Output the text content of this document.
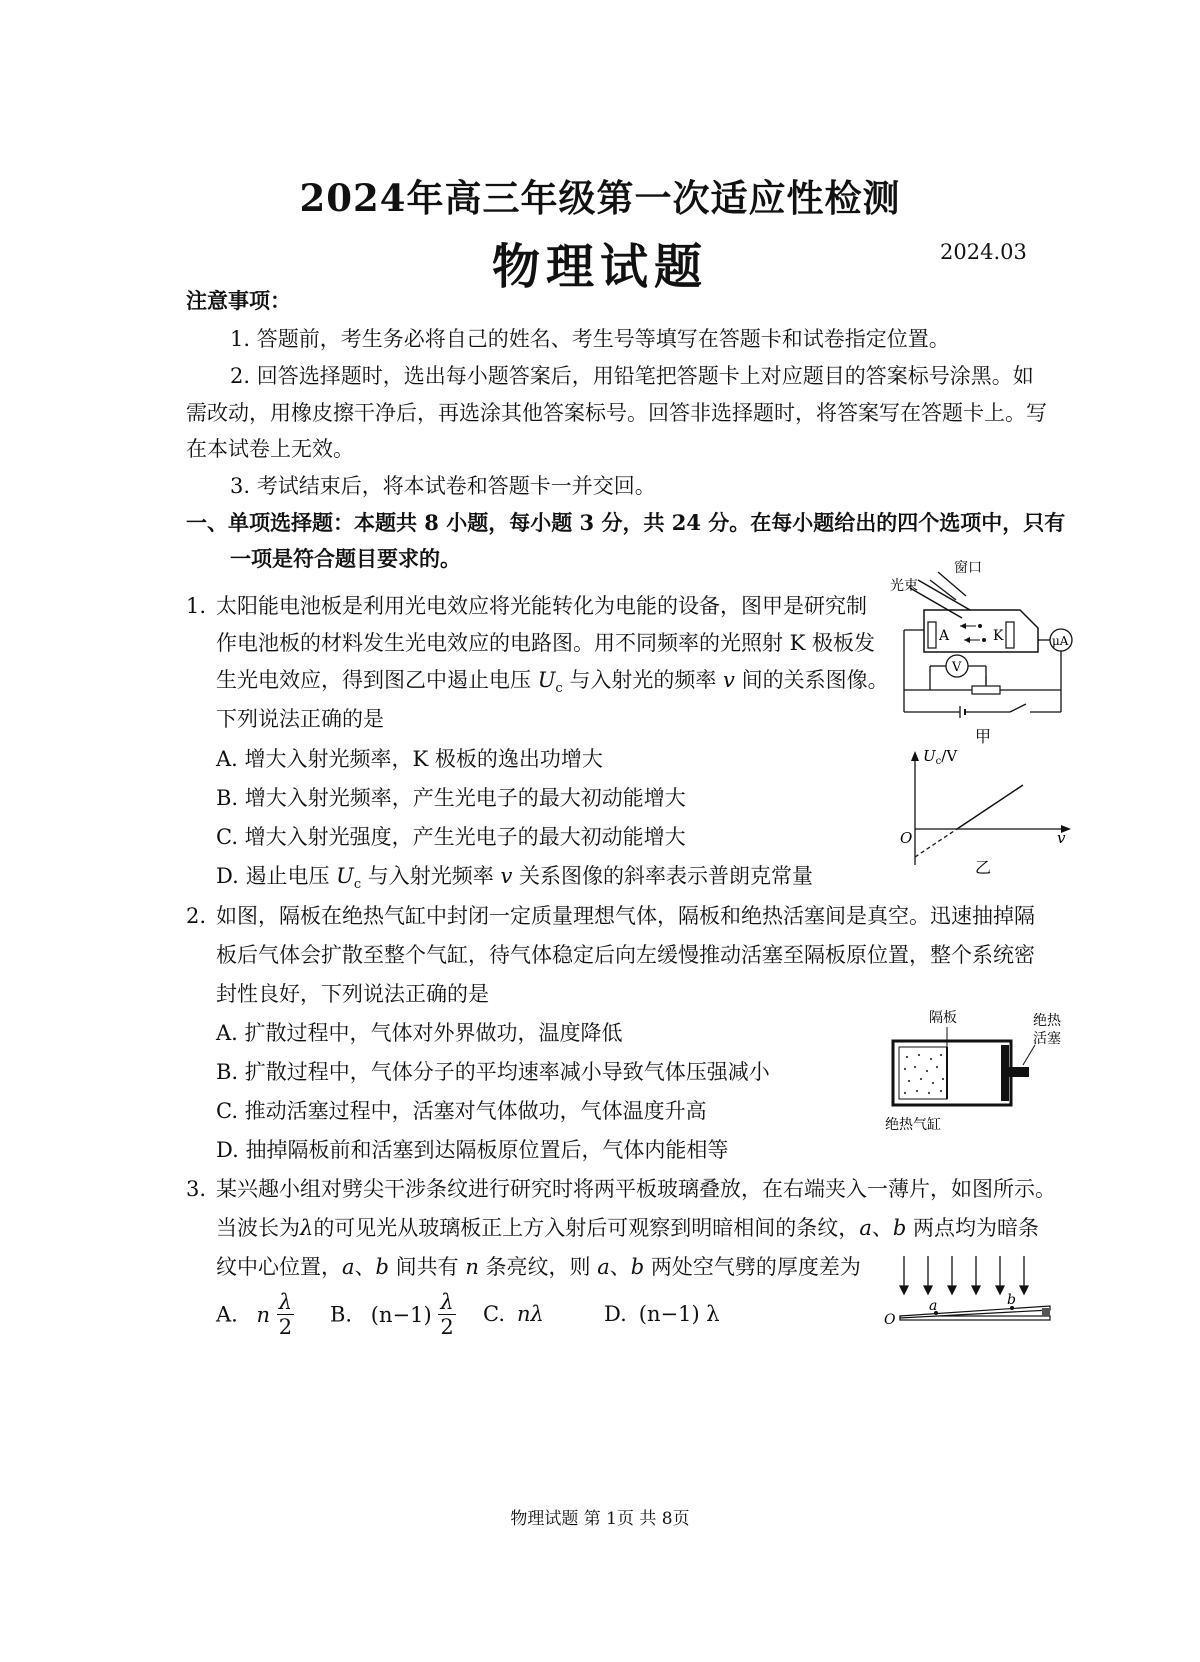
2024年高三年级第一次适应性检测
物理试题	2024.03
注意事项：
1. 答题前，考生务必将自己的姓名、考生号等填写在答题卡和试卷指定位置。
2. 回答选择题时，选出每小题答案后，用铅笔把答题卡上对应题目的答案标号涂黑。如
需改动，用橡皮擦干净后，再选涂其他答案标号。回答非选择题时，将答案写在答题卡上。写
在本试卷上无效。
3. 考试结束后，将本试卷和答题卡一并交回。
一、单项选择题：本题共 8 小题，每小题 3 分，共 24 分。在每小题给出的四个选项中，只有
一项是符合题目要求的。
1. 太阳能电池板是利用光电效应将光能转化为电能的设备，图甲是研究制
作电池板的材料发生光电效应的电路图。用不同频率的光照射 K 极板发
生光电效应，得到图乙中遏止电压 $U_c$ 与入射光的频率 v 间的关系图像。
下列说法正确的是
A. 增大入射光频率，K 极板的逸出功增大
B. 增大入射光频率，产生光电子的最大初动能增大
C. 增大入射光强度，产生光电子的最大初动能增大
D. 遏止电压 $U_c$ 与入射光频率 v 关系图像的斜率表示普朗克常量
A	K	μA
V
窗口
光束
甲
$U_c/V$
O	v
乙
2. 如图，隔板在绝热气缸中封闭一定质量理想气体，隔板和绝热活塞间是真空。迅速抽掉隔
板后气体会扩散至整个气缸，待气体稳定后向左缓慢推动活塞至隔板原位置，整个系统密
封性良好，下列说法正确的是
A. 扩散过程中，气体对外界做功，温度降低
B. 扩散过程中，气体分子的平均速率减小导致气体压强减小
C. 推动活塞过程中，活塞对气体做功，气体温度升高
D. 抽掉隔板前和活塞到达隔板原位置后，气体内能相等
隔板	绝热
活塞
绝热气缸
3. 某兴趣小组对劈尖干涉条纹进行研究时将两平板玻璃叠放，在右端夹入一薄片，如图所示。
当波长为λ的可见光从玻璃板正上方入射后可观察到明暗相间的条纹，a、b 两点均为暗条
纹中心位置，a、b 间共有 n 条亮纹，则 a、b 两处空气劈的厚度差为
A. n $\frac{\lambda}{2} B$. $(n-1) \frac{\lambda}{2} C$. nλ	D. (n−1) λ	O
a	b
物理试题 第 1页 共 8页
